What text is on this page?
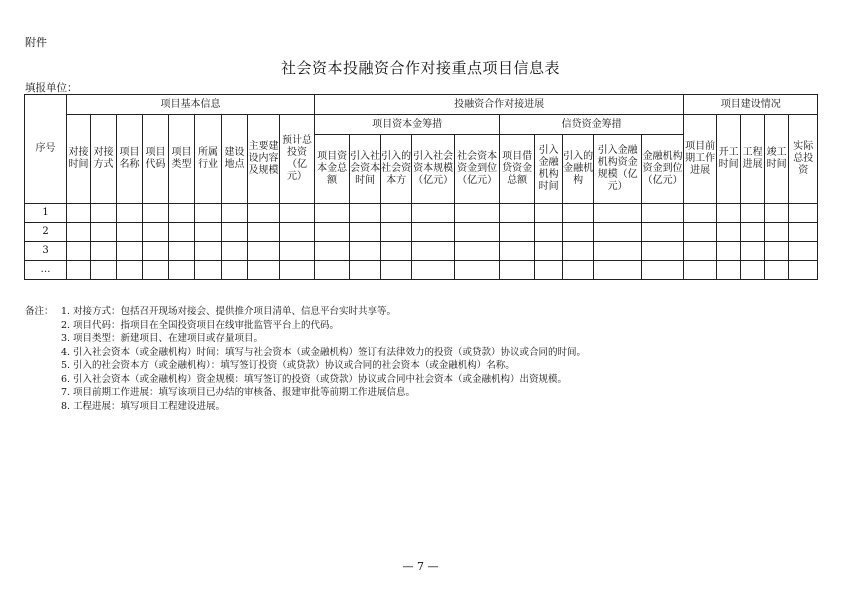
附件
社会资本投融资合作对接重点项目信息表
填报单位：
序号	项目基本信息									投融资合作对接进展										项目建设情况				
	对接时间	对接方式	项目名称	项目代码	项目类型	所属行业	建设地点	主要建设内容及规模	预计总投资（亿元）	项目资本金筹措					信贷资金筹措					项目前期工作进展	开工时间	工程进展	竣工时间	实际总投资
										项目资本金总额	引入社会资本时间	引入的社会资本方	引入社会资本规模（亿元）	社会资本资金到位（亿元）	项目借贷资金总额	引入金融机构时间	引入的金融机构	引入金融机构资金规模（亿元）	金融机构资金到位（亿元）					
1																								
2																								
3																								
…																								
备注： 1. 对接方式：包括召开现场对接会、提供推介项目清单、信息平台实时共享等。
2. 项目代码：指项目在全国投资项目在线审批监管平台上的代码。
3. 项目类型：新建项目、在建项目或存量项目。
4. 引入社会资本（或金融机构）时间：填写与社会资本（或金融机构）签订有法律效力的投资（或贷款）协议或合同的时间。
5. 引入的社会资本方（或金融机构）：填写签订投资（或贷款）协议或合同的社会资本（或金融机构）名称。
6. 引入社会资本（或金融机构）资金规模：填写签订的投资（或贷款）协议或合同中社会资本（或金融机构）出资规模。
7. 项目前期工作进展：填写该项目已办结的审核备、报建审批等前期工作进展信息。
8. 工程进展：填写项目工程建设进展。
— 7 —
